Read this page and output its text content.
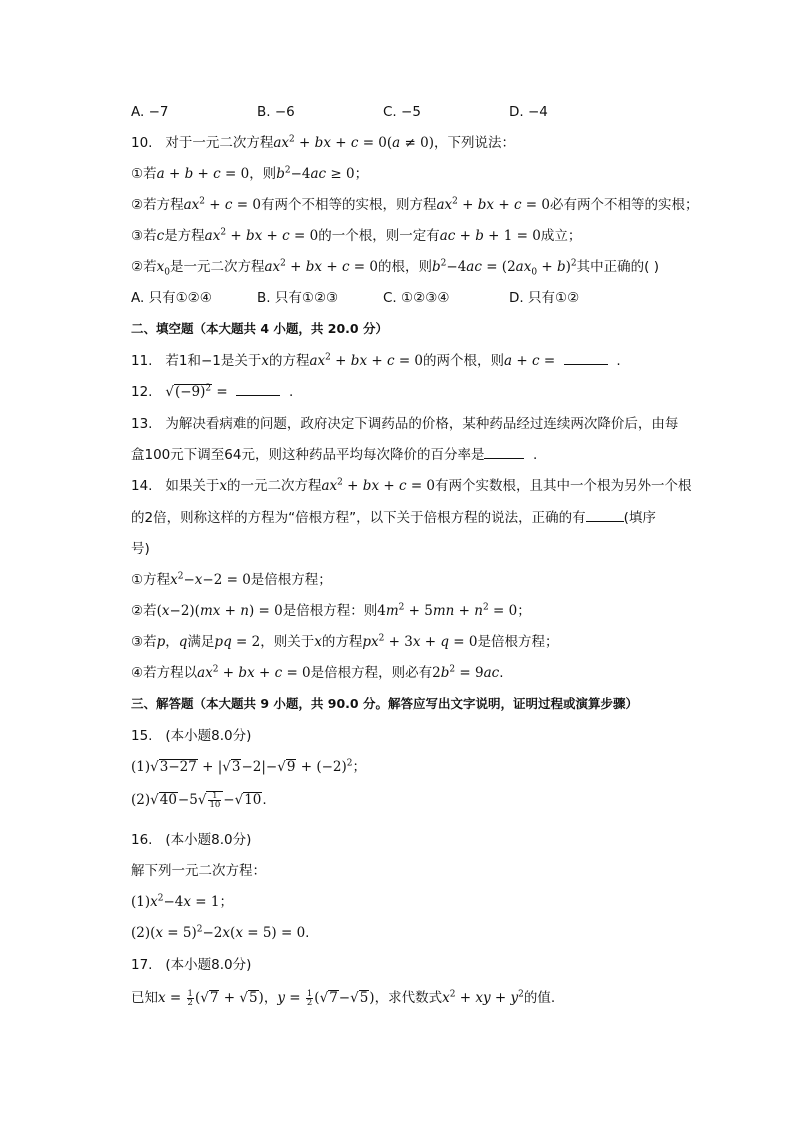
A. −7	B. −6	C. −5	D. −4
10. 对于一元二次方程$ax^2$ + bx + c = 0(a ≠ 0)，下列说法：
①若a + b + c = 0，则$b^2-4ac \ge 0$；
②若方程$ax^2 + c = 0$有两个不相等的实根，则方程$ax^2$ + bx + c = 0必有两个不相等的实根；
③若c是方程$ax^2$ + bx + c = 0的一个根，则一定有ac + b + 1 = 0成立；
②若$x_0$是一元二次方程$ax^2$ + bx + c = 0的根，则$b^2-4ac = (2ax_0 + b)^2$其中正确的( )
A. 只有①②④	B. 只有①②③	C. ①②③④	D. 只有①②
二、填空题（本大题共 4 小题，共 20.0 分）
11. 若1和−1是关于x的方程$ax^2$ + bx + c = 0的两个根，则a + c =	.
12. $√(-9)^2$ =	.
13. 为解决看病难的问题，政府决定下调药品的价格，某种药品经过连续两次降价后，由每
盒100元下调至64元，则这种药品平均每次降价的百分率是	.
14. 如果关于x的一元二次方程$ax^2$ + bx + c = 0有两个实数根，且其中一个根为另外一个根
的2倍，则称这样的方程为“倍根方程”，以下关于倍根方程的说法，正确的有	(填序
号)
①方程$x^2-x-2 = 0$是倍根方程；
②若(x−2)(mx + n) = 0是倍根方程：则$4m^2 + 5mn + n^2 = 0$；
③若p，q满足pq = 2，则关于x的方程$px^2 + 3x + q = 0$是倍根方程；
④若方程以$ax^2$ + bx + c = 0是倍根方程，则必有$2b^2 = 9ac$.
三、解答题（本大题共 9 小题，共 90.0 分。解答应写出文字说明，证明过程或演算步骤）
15. (本小题8.0分)
$(1)√3-27 + |√3-2|-√9 + (-2)^2$；
$(2)√40-5√ \frac{1}{10} -√10$.
16. (本小题8.0分)
解下列一元二次方程：
$(1)x^2-4x = 1$；
(2)(x = 5)$^2$−2x(x = 5) = 0.
17. (本小题8.0分)
已知$x = \frac{1}{2} (√7 + √5)$，$y = \frac{1}{2} (√7-√5)$，求代数式$x^2$ + xy + $y^2$的值.
